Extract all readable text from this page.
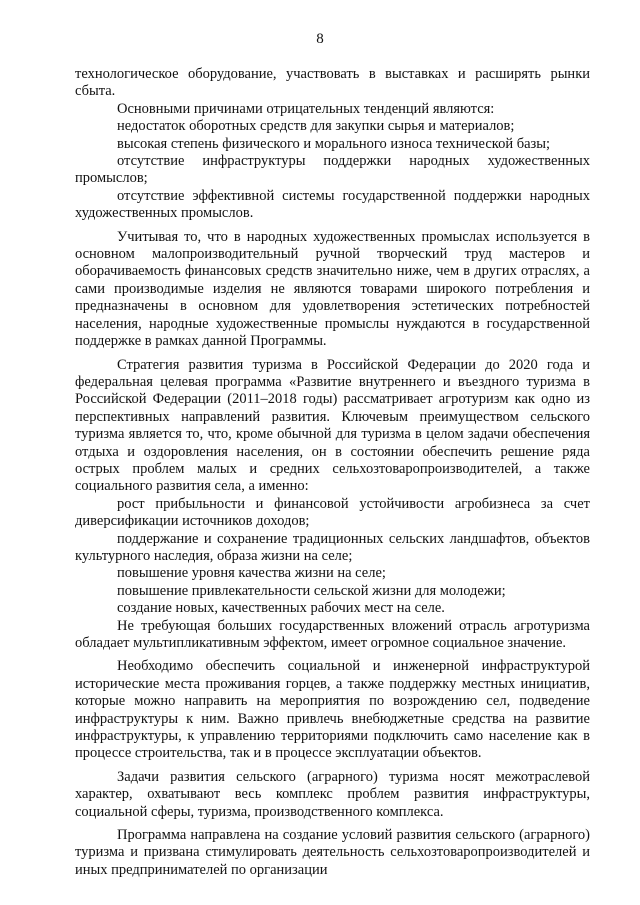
8

технологическое оборудование, участвовать в выставках и расширять рынки сбыта.

Основными причинами отрицательных тенденций являются:

недостаток оборотных средств для закупки сырья и материалов;

высокая степень физического и морального износа технической базы;

отсутствие инфраструктуры поддержки народных художественных промыслов;

отсутствие эффективной системы государственной поддержки народных художественных промыслов.

Учитывая то, что в народных художественных промыслах используется в основном малопроизводительный ручной творческий труд мастеров и оборачиваемость финансовых средств значительно ниже, чем в других отраслях, а сами производимые изделия не являются товарами широкого потребления и предназначены в основном для удовлетворения эстетических потребностей населения, народные художественные промыслы нуждаются в государственной поддержке в рамках данной Программы.

Стратегия развития туризма в Российской Федерации до 2020 года и федеральная целевая программа «Развитие внутреннего и въездного туризма в Российской Федерации (2011–2018 годы) рассматривает агротуризм как одно из перспективных направлений развития. Ключевым преимуществом сельского туризма является то, что, кроме обычной для туризма в целом задачи обеспечения отдыха и оздоровления населения, он в состоянии обеспечить решение ряда острых проблем малых и средних сельхозтоваропроизводителей, а также социального развития села, а именно:

рост прибыльности и финансовой устойчивости агробизнеса за счет диверсификации источников доходов;

поддержание и сохранение традиционных сельских ландшафтов, объектов культурного наследия, образа жизни на селе;

повышение уровня качества жизни на селе;

повышение привлекательности сельской жизни для молодежи;

создание новых, качественных рабочих мест на селе.

Не требующая больших государственных вложений отрасль агротуризма обладает мультипликативным эффектом, имеет огромное социальное значение.

Необходимо обеспечить социальной и инженерной инфраструктурой исторические места проживания горцев, а также поддержку местных инициатив, которые можно направить на мероприятия по возрождению сел, подведение инфраструктуры к ним. Важно привлечь внебюджетные средства на развитие инфраструктуры, к управлению территориями подключить само население как в процессе строительства, так и в процессе эксплуатации объектов.

Задачи развития сельского (аграрного) туризма носят межотраслевой характер, охватывают весь комплекс проблем развития инфраструктуры, социальной сферы, туризма, производственного комплекса.

Программа направлена на создание условий развития сельского (аграрного) туризма и призвана стимулировать деятельность сельхозтоваропроизводителей и иных предпринимателей по организации
